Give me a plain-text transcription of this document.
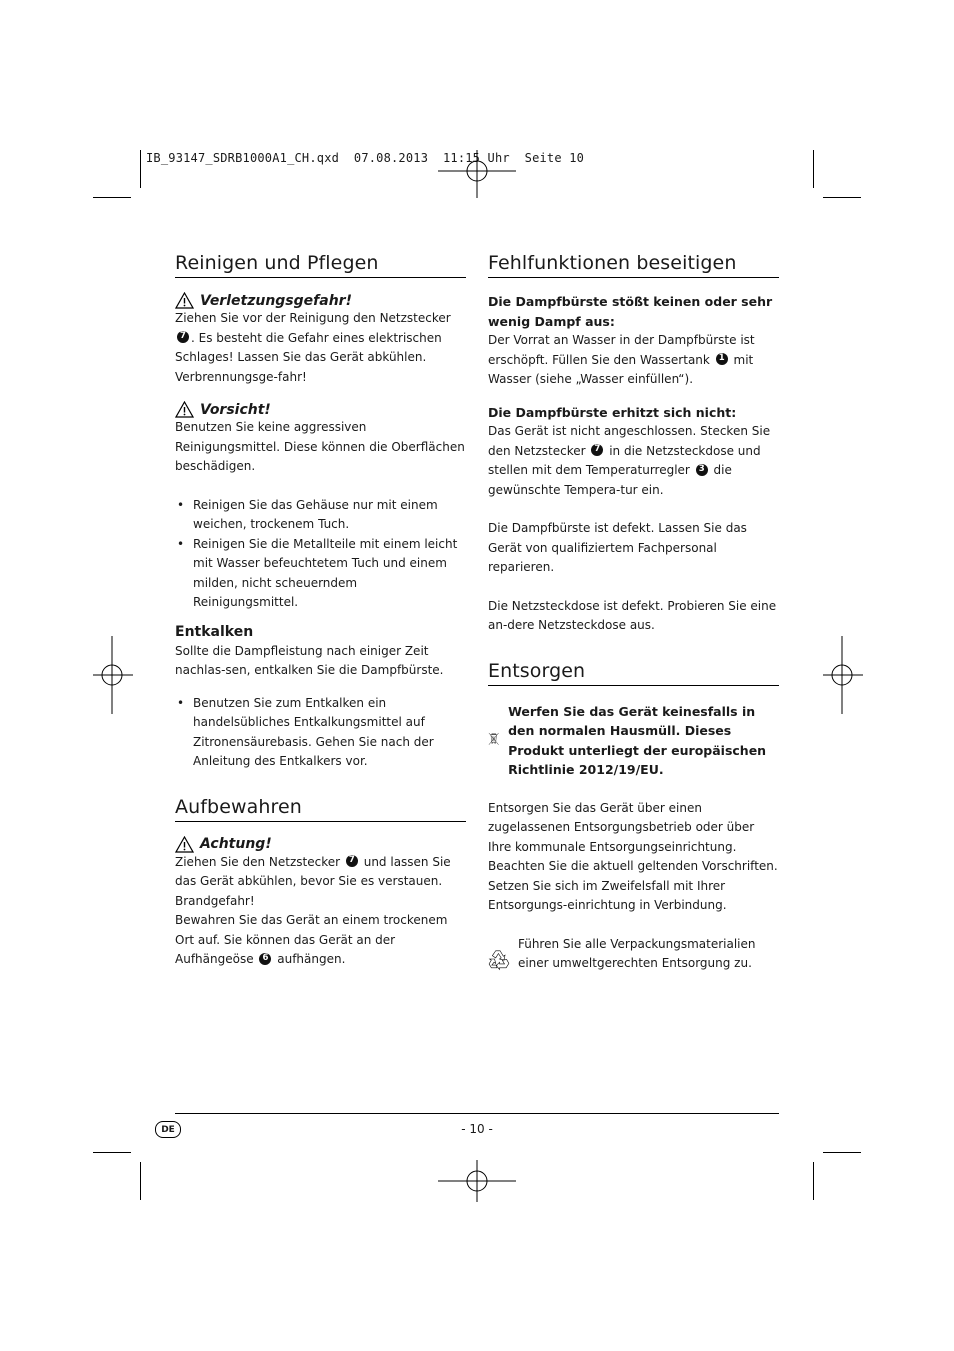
IB_93147_SDRB1000A1_CH.qxd  07.08.2013  11:15 Uhr  Seite 10
Reinigen und Pflegen
Verletzungsgefahr!

Ziehen Sie vor der Reinigung den Netzstecker 7 . Es besteht die Gefahr eines elektrischen Schlages! Lassen Sie das Gerät abkühlen. Verbrennungsge-fahr!

Vorsicht!

Benutzen Sie keine aggressiven Reinigungsmittel. Diese können die Oberflächen beschädigen.

• Reinigen Sie das Gehäuse nur mit einem weichen, trockenem Tuch.
• Reinigen Sie die Metallteile mit einem leicht mit Wasser befeuchtetem Tuch und einem milden, nicht scheuerndem Reinigungsmittel.
Entkalken

Sollte die Dampfleistung nach einiger Zeit nachlas-sen, entkalken Sie die Dampfbürste.

• Benutzen Sie zum Entkalken ein handelsübliches Entkalkungsmittel auf Zitronensäurebasis. Gehen Sie nach der Anleitung des Entkalkers vor.
Aufbewahren
Achtung!

Ziehen Sie den Netzstecker 7 und lassen Sie das Gerät abkühlen, bevor Sie es verstauen. Brandgefahr!

Bewahren Sie das Gerät an einem trockenem Ort auf. Sie können das Gerät an der Aufhängeöse 6 aufhängen.

Fehlfunktionen beseitigen
Die Dampfbürste stößt keinen oder sehr wenig Dampf aus:

Der Vorrat an Wasser in der Dampfbürste ist erschöpft. Füllen Sie den Wassertank 1 mit Wasser (siehe „Wasser einfüllen“).

Die Dampfbürste erhitzt sich nicht:

Das Gerät ist nicht angeschlossen. Stecken Sie den Netzstecker 7 in die Netzsteckdose und stellen mit dem Temperaturregler 3 die gewünschte Tempera-tur ein.

Die Dampfbürste ist defekt. Lassen Sie das Gerät von qualifiziertem Fachpersonal reparieren.

Die Netzsteckdose ist defekt. Probieren Sie eine an-dere Netzsteckdose aus.

Entsorgen
Werfen Sie das Gerät keinesfalls in den normalen Hausmüll. Dieses Produkt unterliegt der europäischen Richtlinie 2012/19/EU.

Entsorgen Sie das Gerät über einen zugelassenen Entsorgungsbetrieb oder über Ihre kommunale Entsorgungseinrichtung.

Beachten Sie die aktuell geltenden Vorschriften. Setzen Sie sich im Zweifelsfall mit Ihrer Entsorgungs-einrichtung in Verbindung.

Führen Sie alle Verpackungsmaterialien einer umweltgerechten Entsorgung zu.
DE	- 10 -
